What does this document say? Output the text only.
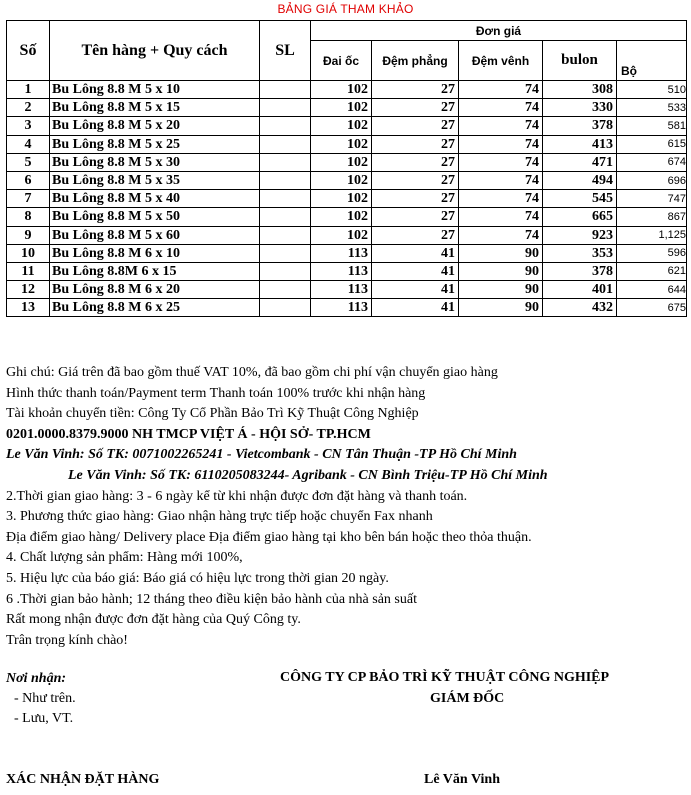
BẢNG GIÁ THAM KHẢO
Số	Tên hàng + Quy cách	SL	Đơn giá				
			Đai ốc	Đệm phẳng	Đệm vênh	bulon	Bộ
1	Bu Lông 8.8 M 5 x 10		102	27	74	308	510
2	Bu Lông 8.8 M 5 x 15		102	27	74	330	533
3	Bu Lông 8.8 M 5 x 20		102	27	74	378	581
4	Bu Lông 8.8 M 5 x 25		102	27	74	413	615
5	Bu Lông 8.8 M 5 x 30		102	27	74	471	674
6	Bu Lông 8.8 M 5 x 35		102	27	74	494	696
7	Bu Lông 8.8 M 5 x 40		102	27	74	545	747
8	Bu Lông 8.8 M 5 x 50		102	27	74	665	867
9	Bu Lông 8.8 M 5 x 60		102	27	74	923	1,125
10	Bu Lông 8.8 M 6 x 10		113	41	90	353	596
11	Bu Lông 8.8M 6 x 15		113	41	90	378	621
12	Bu Lông 8.8 M 6 x 20		113	41	90	401	644
13	Bu Lông 8.8 M 6 x 25		113	41	90	432	675
Ghi chú: Giá trên đã bao gồm thuế VAT 10%, đã bao gồm chi phí vận chuyển giao hàng
Hình thức thanh toán/Payment term Thanh toán 100% trước khi nhận hàng
Tài khoản chuyển tiền: Công Ty Cổ Phần Bảo Trì Kỹ Thuật Công Nghiệp
0201.0000.8379.9000 NH TMCP VIỆT Á - HỘI SỞ- TP.HCM
Le Văn Vinh: Số TK: 0071002265241 - Vietcombank - CN Tân Thuận -TP Hồ Chí Minh
Le Văn Vinh: Số TK: 6110205083244- Agribank - CN Bình Triệu-TP Hồ Chí Minh
2.Thời gian giao hàng: 3 - 6 ngày kể từ khi nhận được đơn đặt hàng và thanh toán.
3. Phương thức giao hàng: Giao nhận hàng trực tiếp hoặc chuyển Fax nhanh
Địa điểm giao hàng/ Delivery place Địa điểm giao hàng tại kho bên bán hoặc theo thỏa thuận.
4. Chất lượng sản phẩm: Hàng mới 100%,
5. Hiệu lực của báo giá: Báo giá có hiệu lực trong thời gian 20 ngày.
6 .Thời gian bảo hành; 12 tháng theo điều kiện bảo hành của nhà sản suất
Rất mong nhận được đơn đặt hàng của Quý Công ty.
Trân trọng kính chào!
Nơi nhận:
- Như trên.
- Lưu, VT.
CÔNG TY CP BẢO TRÌ KỸ THUẬT CÔNG NGHIỆP
GIÁM ĐỐC
XÁC NHẬN ĐẶT HÀNG	Lê Văn Vinh
